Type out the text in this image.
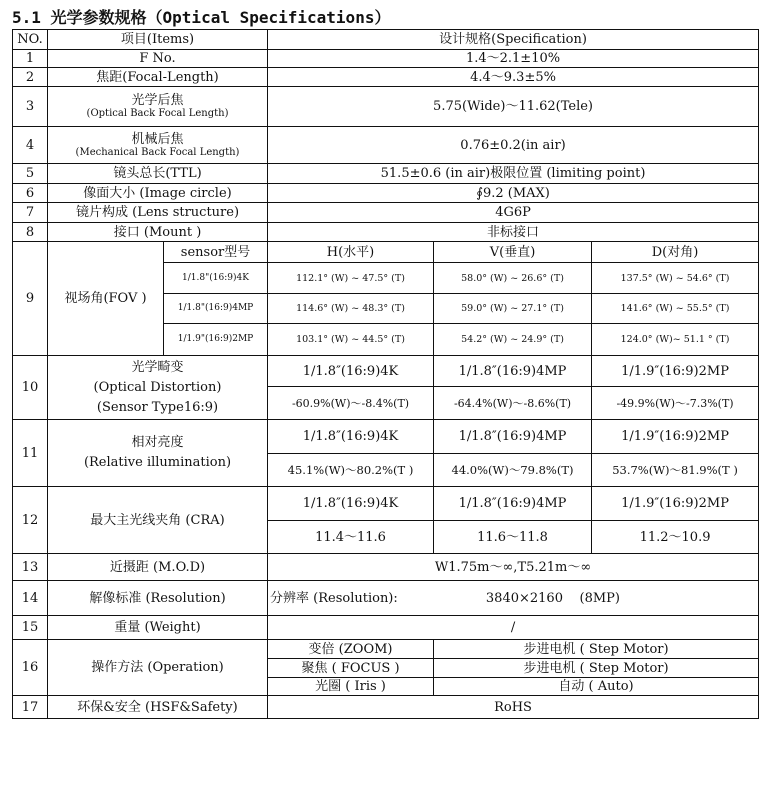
5.1 光学参数规格（Optical Specifications）
NO.	项目(Items)		设计规格(Specification)		
1	F No.		1.4～2.1±10%		
2	焦距(Focal-Length)		4.4～9.3±5%		
3	光学后焦
(Optical Back Focal Length)		5.75(Wide)～11.62(Tele)		
4	机械后焦
(Mechanical Back Focal Length)		0.76±0.2(in air)		
5	镜头总长(TTL)		51.5±0.6 (in air)极限位置 (limiting point)		
6	像面大小 (Image circle)		∮9.2 (MAX)		
7	镜片构成 (Lens structure)		4G6P		
8	接口 (Mount )		非标接口		
9	视场角(FOV )	sensor型号	H(水平)	V(垂直)	D(对角)
		1/1.8"(16:9)4K	112.1° (W) ~ 47.5° (T)	58.0° (W) ~ 26.6° (T)	137.5° (W) ~ 54.6° (T)
		1/1.8"(16:9)4MP	114.6° (W) ~ 48.3° (T)	59.0° (W) ~ 27.1° (T)	141.6° (W) ~ 55.5° (T)
		1/1.9"(16:9)2MP	103.1° (W) ~ 44.5° (T)	54.2° (W) ~ 24.9° (T)	124.0° (W)~ 51.1 ° (T)
10	光学畸变
(Optical Distortion)
(Sensor Type16:9)		1/1.8″(16:9)4K	1/1.8″(16:9)4MP	1/1.9″(16:9)2MP
			-60.9%(W)～-8.4%(T)	-64.4%(W)～-8.6%(T)	-49.9%(W)～-7.3%(T)
11	相对亮度
(Relative illumination)		1/1.8″(16:9)4K	1/1.8″(16:9)4MP	1/1.9″(16:9)2MP
			45.1%(W)～80.2%(T )	44.0%(W)～79.8%(T)	53.7%(W)～81.9%(T )
12	最大主光线夹角 (CRA)		1/1.8″(16:9)4K	1/1.8″(16:9)4MP	1/1.9″(16:9)2MP
			11.4～11.6	11.6～11.8	11.2～10.9
13	近摄距 (M.O.D)		W1.75m～∞,T5.21m～∞		
14	解像标准 (Resolution)		分辨率 (Resolution): 3840×2160    (8MP)		
15	重量 (Weight)		/		
16	操作方法 (Operation)		变倍 (ZOOM)	步进电机 ( Step Motor)	
			聚焦 ( FOCUS )	步进电机 ( Step Motor)	
			光圈 ( Iris )	自动 ( Auto)	
17	环保&安全 (HSF&Safety)		RoHS		
